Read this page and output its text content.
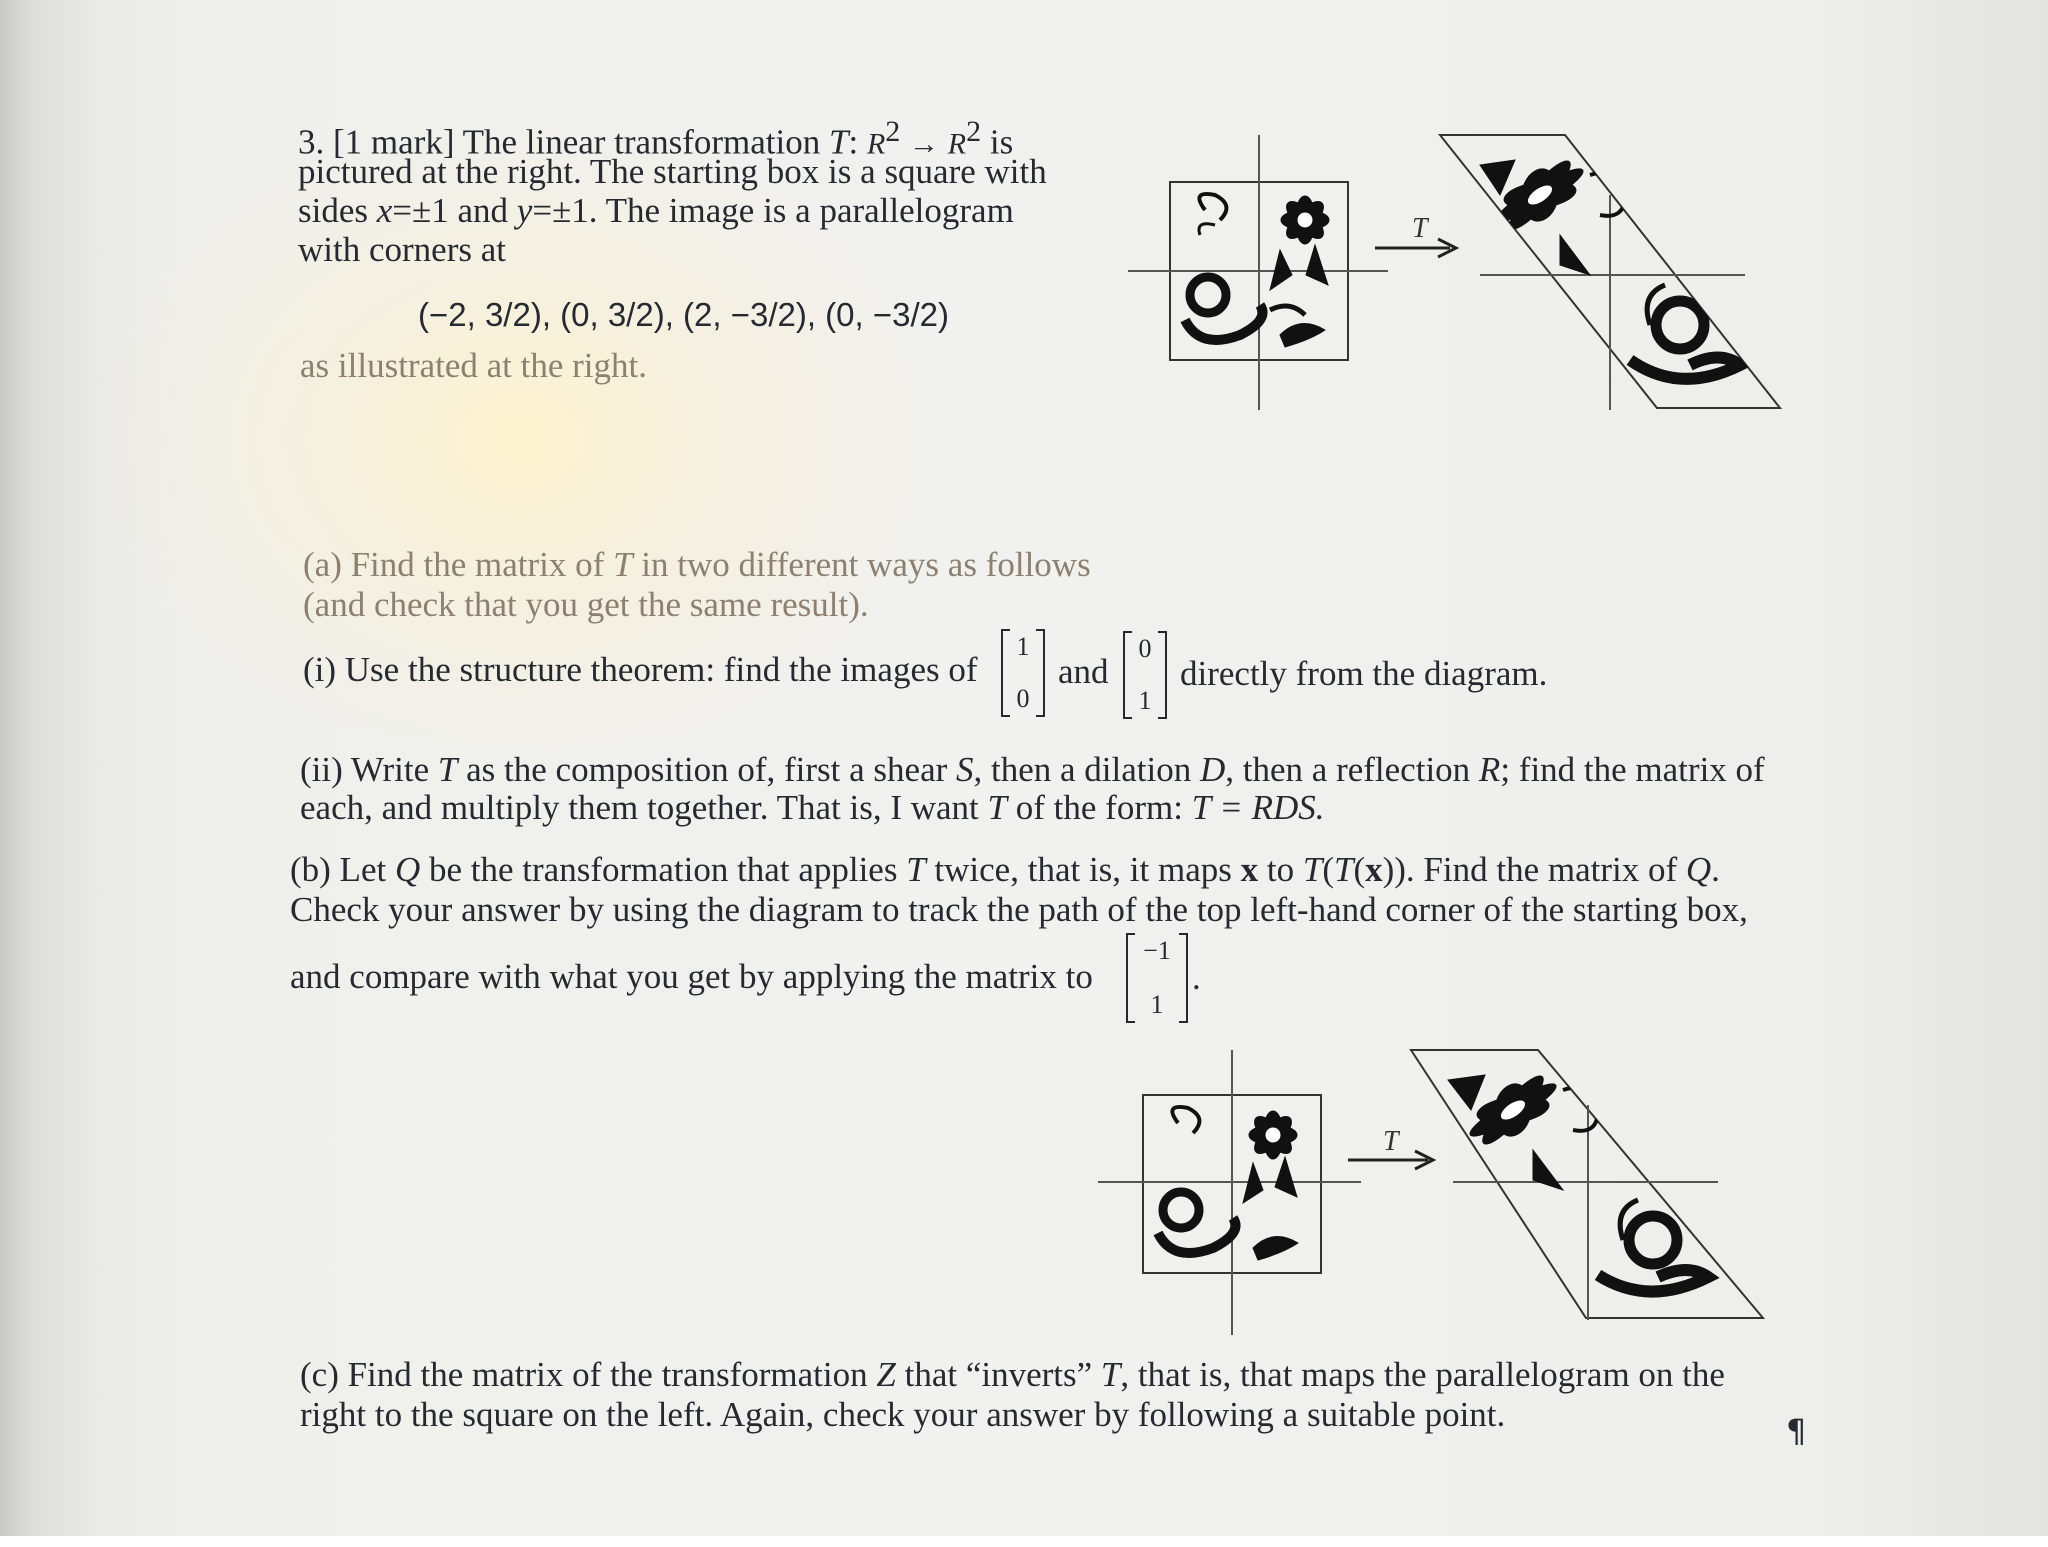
3. [1 mark] The linear transformation T: $R^2 \to R^2$ is
pictured at the right. The starting box is a square with
sides x=±1 and y=±1. The image is a parallelogram
with corners at
(−2, 3/2), (0, 3/2), (2, −3/2), (0, −3/2)
as illustrated at the right.
(a) Find the matrix of T in two different ways as follows
(and check that you get the same result).
(i) Use the structure theorem: find the images of
1
0
and
0
1
directly from the diagram.
(ii) Write T as the composition of, first a shear S, then a dilation D, then a reflection R; find the matrix of
each, and multiply them together. That is, I want T of the form: T = RDS.
(b) Let Q be the transformation that applies T twice, that is, it maps x to T(T(x)). Find the matrix of Q.
Check your answer by using the diagram to track the path of the top left-hand corner of the starting box,
and compare with what you get by applying the matrix to
−1
1
.
(c) Find the matrix of the transformation Z that “inverts” T, that is, that maps the parallelogram on the
right to the square on the left. Again, check your answer by following a suitable point.	¶
T
T
